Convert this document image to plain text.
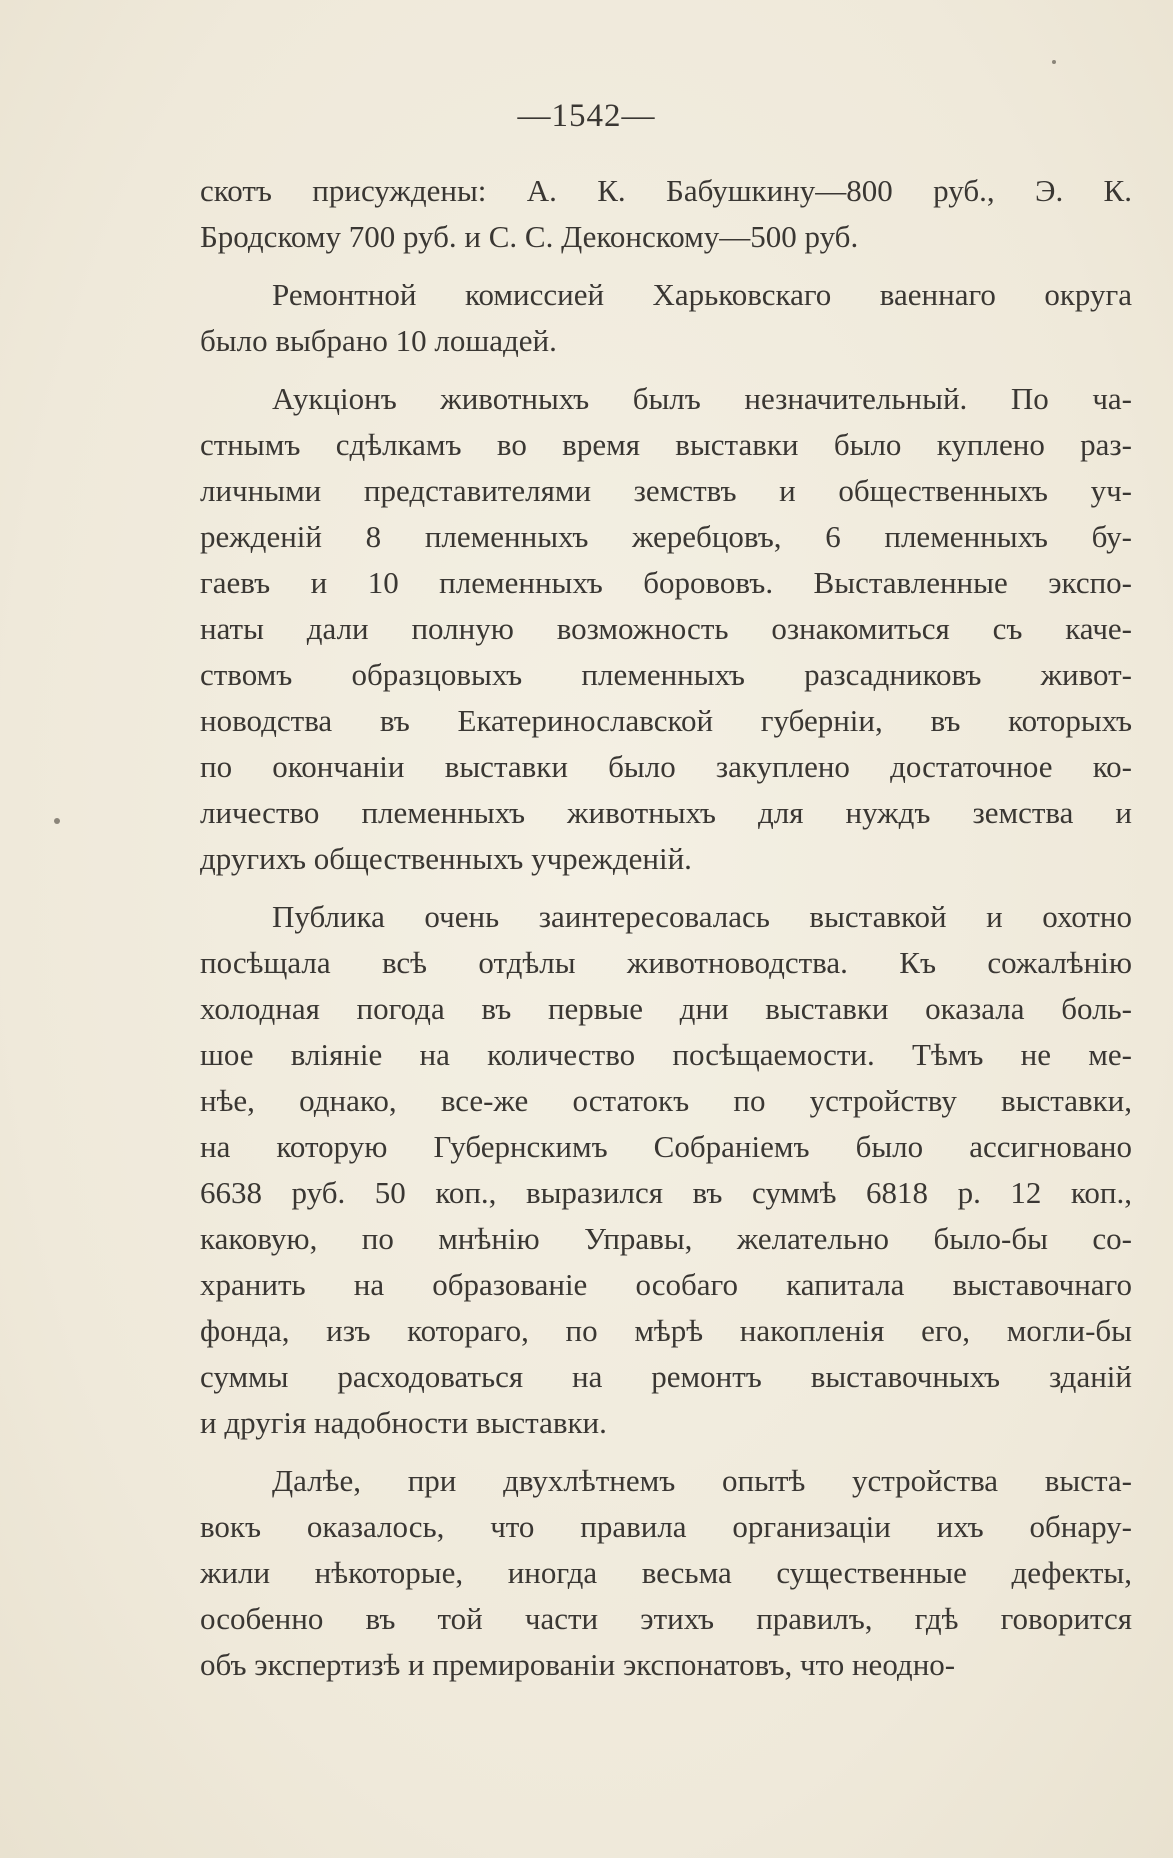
—1542—
скотъ присуждены: А. К. Бабушкину—800 руб., Э. К.
Бродскому 700 руб. и С. С. Деконскому—500 руб.
Ремонтной комиссией Харьковскаго ваеннаго округа
было выбрано 10 лошадей.
Аукціонъ животныхъ былъ незначительный. По ча-
стнымъ сдѣлкамъ во время выставки было куплено раз-
личными представителями земствъ и общественныхъ уч-
режденій 8 племенныхъ жеребцовъ, 6 племенныхъ бу-
гаевъ и 10 племенныхъ борововъ. Выставленные экспо-
наты дали полную возможность ознакомиться съ каче-
ствомъ образцовыхъ племенныхъ разсадниковъ живот-
новодства въ Екатеринославской губерніи, въ которыхъ
по окончаніи выставки было закуплено достаточное ко-
личество племенныхъ животныхъ для нуждъ земства и
другихъ общественныхъ учрежденій.
Публика очень заинтересовалась выставкой и охотно
посѣщала всѣ отдѣлы животноводства. Къ сожалѣнію
холодная погода въ первые дни выставки оказала боль-
шое вліяніе на количество посѣщаемости. Тѣмъ не ме-
нѣе, однако, все-же остатокъ по устройству выставки,
на которую Губернскимъ Собраніемъ было ассигновано
6638 руб. 50 коп., выразился въ суммѣ 6818 р. 12 коп.,
каковую, по мнѣнію Управы, желательно было-бы со-
хранить на образованіе особаго капитала выставочнаго
фонда, изъ котораго, по мѣрѣ накопленія его, могли-бы
суммы расходоваться на ремонтъ выставочныхъ зданій
и другія надобности выставки.
Далѣе, при двухлѣтнемъ опытѣ устройства выста-
вокъ оказалось, что правила организаціи ихъ обнару-
жили нѣкоторые, иногда весьма существенные дефекты,
особенно въ той части этихъ правилъ, гдѣ говорится
объ экспертизѣ и премированіи экспонатовъ, что неодно-
